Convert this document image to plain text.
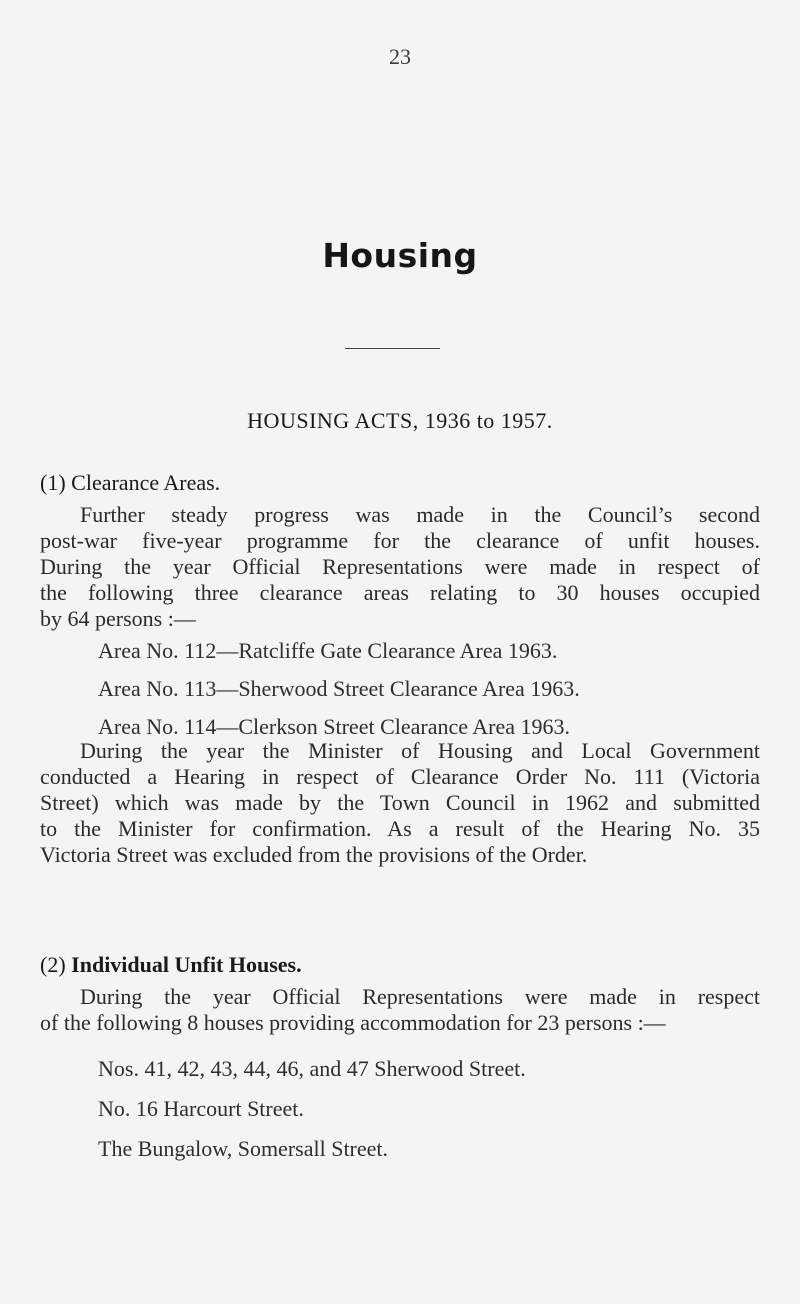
23
Housing
HOUSING ACTS, 1936 to 1957.
(1) Clearance Areas.
Further steady progress was made in the Council’s second
post-war five-year programme for the clearance of unfit houses.
During the year Official Representations were made in respect of
the following three clearance areas relating to 30 houses occupied
by 64 persons :—
Area No. 112—Ratcliffe Gate Clearance Area 1963.
Area No. 113—Sherwood Street Clearance Area 1963.
Area No. 114—Clerkson Street Clearance Area 1963.
During the year the Minister of Housing and Local Government
conducted a Hearing in respect of Clearance Order No. 111 (Victoria
Street) which was made by the Town Council in 1962 and submitted
to the Minister for confirmation. As a result of the Hearing No. 35
Victoria Street was excluded from the provisions of the Order.
(2) Individual Unfit Houses.
During the year Official Representations were made in respect
of the following 8 houses providing accommodation for 23 persons :—
Nos. 41, 42, 43, 44, 46, and 47 Sherwood Street.
No. 16 Harcourt Street.
The Bungalow, Somersall Street.
